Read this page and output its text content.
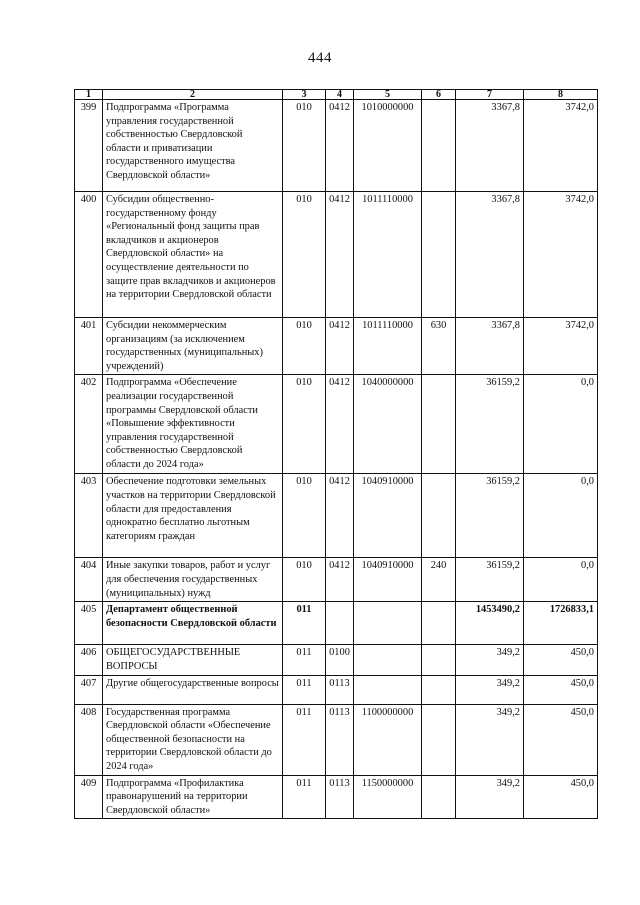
444
1	2	3	4	5	6	7	8
399	Подпрограмма «Программа управления государственной собственностью Свердловской области и приватизации государственного имущества Свердловской области»	010	0412	1010000000		3367,8	3742,0
400	Субсидии общественно-государственному фонду «Региональный фонд защиты прав вкладчиков и акционеров Свердловской области» на осуществление деятельности по защите прав вкладчиков и акционеров на территории Свердловской области	010	0412	1011110000		3367,8	3742,0
401	Субсидии некоммерческим организациям (за исключением государственных (муниципальных) учреждений)	010	0412	1011110000	630	3367,8	3742,0
402	Подпрограмма «Обеспечение реализации государственной программы Свердловской области «Повышение эффективности управления государственной собственностью Свердловской области до 2024 года»	010	0412	1040000000		36159,2	0,0
403	Обеспечение подготовки земельных участков на территории Свердловской области для предоставления однократно бесплатно льготным категориям граждан	010	0412	1040910000		36159,2	0,0
404	Иные закупки товаров, работ и услуг для обеспечения государственных (муниципальных) нужд	010	0412	1040910000	240	36159,2	0,0
405	Департамент общественной безопасности Свердловской области	011				1453490,2	1726833,1
406	ОБЩЕГОСУДАРСТВЕННЫЕ ВОПРОСЫ	011	0100			349,2	450,0
407	Другие общегосударственные вопросы	011	0113			349,2	450,0
408	Государственная программа Свердловской области «Обеспечение общественной безопасности на территории Свердловской области до 2024 года»	011	0113	1100000000		349,2	450,0
409	Подпрограмма «Профилактика правонарушений на территории Свердловской области»	011	0113	1150000000		349,2	450,0
